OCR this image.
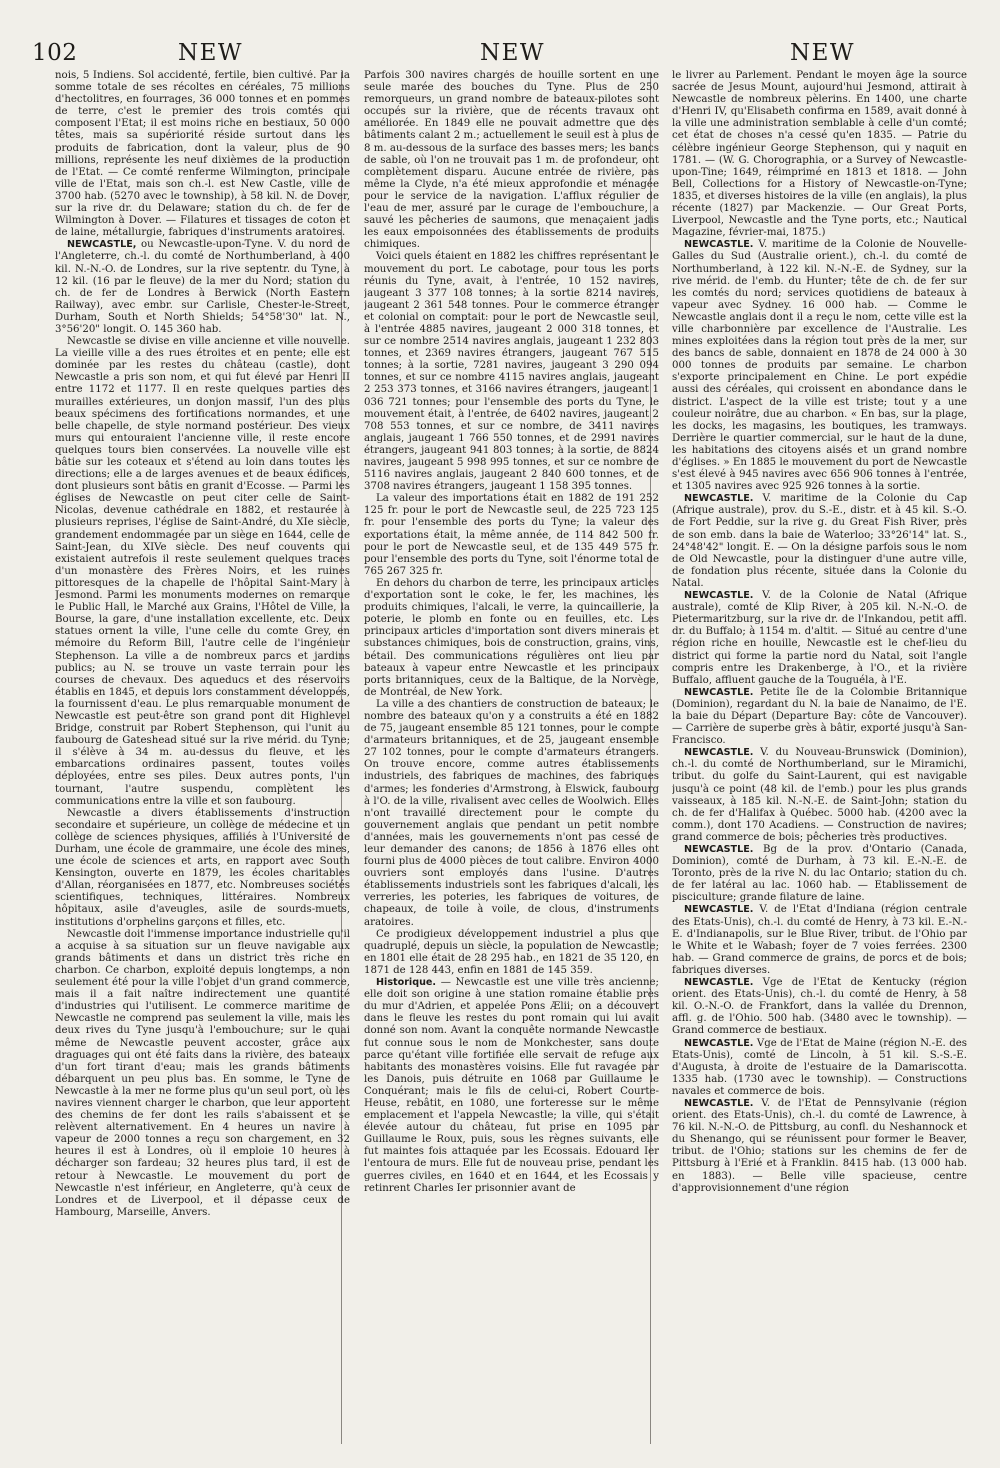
102	NEW	NEW	NEW

nois, 5 Indiens. Sol accidenté, fertile, bien cultivé. Par la somme totale de ses récoltes en céréales, 75 millions d'hectolitres, en fourrages, 36 000 tonnes et en pommes de terre, c'est le premier des trois comtés qui composent l'Etat; il est moins riche en bestiaux, 50 000 têtes, mais sa supériorité réside surtout dans les produits de fabrication, dont la valeur, plus de 90 millions, représente les neuf dixièmes de la production de l'Etat. — Ce comté renferme Wilmington, principale ville de l'Etat, mais son ch.-l. est New Castle, ville de 3700 hab. (5270 avec le township), à 58 kil. N. de Dover, sur la rive dr. du Delaware; station du ch. de fer de Wilmington à Dover. — Filatures et tissages de coton et de laine, métallurgie, fabriques d'instruments aratoires.

NEWCASTLE, ou Newcastle-upon-Tyne. V. du nord de l'Angleterre, ch.-l. du comté de Northumberland, à 400 kil. N.-N.-O. de Londres, sur la rive septentr. du Tyne, à 12 kil. (16 par le fleuve) de la mer du Nord; station du ch. de fer de Londres à Berwick (North Eastern Railway), avec embr. sur Carlisle, Chester-le-Street, Durham, South et North Shields; 54°58'30" lat. N., 3°56'20" longit. O. 145 360 hab.

Newcastle se divise en ville ancienne et ville nouvelle. La vieille ville a des rues étroites et en pente; elle est dominée par les restes du château (castle), dont Newcastle a pris son nom, et qui fut élevé par Henri II entre 1172 et 1177. Il en reste quelques parties des murailles extérieures, un donjon massif, l'un des plus beaux spécimens des fortifications normandes, et une belle chapelle, de style normand postérieur. Des vieux murs qui entouraient l'ancienne ville, il reste encore quelques tours bien conservées. La nouvelle ville est bâtie sur les coteaux et s'étend au loin dans toutes les directions; elle a de larges avenues et de beaux édifices, dont plusieurs sont bâtis en granit d'Ecosse. — Parmi les églises de Newcastle on peut citer celle de Saint-Nicolas, devenue cathédrale en 1882, et restaurée à plusieurs reprises, l'église de Saint-André, du XIe siècle, grandement endommagée par un siège en 1644, celle de Saint-Jean, du XIVe siècle. Des neuf couvents qui existaient autrefois il reste seulement quelques traces d'un monastère des Frères Noirs, et les ruines pittoresques de la chapelle de l'hôpital Saint-Mary à Jesmond. Parmi les monuments modernes on remarque le Public Hall, le Marché aux Grains, l'Hôtel de Ville, la Bourse, la gare, d'une installation excellente, etc. Deux statues ornent la ville, l'une celle du comte Grey, en mémoire du Reform Bill, l'autre celle de l'ingénieur Stephenson. La ville a de nombreux parcs et jardins publics; au N. se trouve un vaste terrain pour les courses de chevaux. Des aqueducs et des réservoirs établis en 1845, et depuis lors constamment développés, la fournissent d'eau. Le plus remarquable monument de Newcastle est peut-être son grand pont dit Highlevel Bridge, construit par Robert Stephenson, qui l'unit au faubourg de Gateshead situé sur la rive mérid. du Tyne; il s'élève à 34 m. au-dessus du fleuve, et les embarcations ordinaires passent, toutes voiles déployées, entre ses piles. Deux autres ponts, l'un tournant, l'autre suspendu, complètent les communications entre la ville et son faubourg.

Newcastle a divers établissements d'instruction secondaire et supérieure, un collège de médecine et un collège de sciences physiques, affiliés à l'Université de Durham, une école de grammaire, une école des mines, une école de sciences et arts, en rapport avec South Kensington, ouverte en 1879, les écoles charitables d'Allan, réorganisées en 1877, etc. Nombreuses sociétés scientifiques, techniques, littéraires. Nombreux hôpitaux, asile d'aveugles, asile de sourds-muets, institutions d'orphelins garçons et filles, etc.

Newcastle doit l'immense importance industrielle qu'il a acquise à sa situation sur un fleuve navigable aux grands bâtiments et dans un district très riche en charbon. Ce charbon, exploité depuis longtemps, a non seulement été pour la ville l'objet d'un grand commerce, mais il a fait naître indirectement une quantité d'industries qui l'utilisent. Le commerce maritime de Newcastle ne comprend pas seulement la ville, mais les deux rives du Tyne jusqu'à l'embouchure; sur le quai même de Newcastle peuvent accoster, grâce aux draguages qui ont été faits dans la rivière, des bateaux d'un fort tirant d'eau; mais les grands bâtiments débarquent un peu plus bas. En somme, le Tyne de Newcastle à la mer ne forme plus qu'un seul port, où les navires viennent charger le charbon, que leur apportent des chemins de fer dont les rails s'abaissent et se relèvent alternativement. En 4 heures un navire à vapeur de 2000 tonnes a reçu son chargement, en 32 heures il est à Londres, où il emploie 10 heures à décharger son fardeau; 32 heures plus tard, il est de retour à Newcastle. Le mouvement du port de Newcastle n'est inférieur, en Angleterre, qu'à ceux de Londres et de Liverpool, et il dépasse ceux de Hambourg, Marseille, Anvers.

Parfois 300 navires chargés de houille sortent en une seule marée des bouches du Tyne. Plus de 250 remorqueurs, un grand nombre de bateaux-pilotes sont occupés sur la rivière, que de récents travaux ont améliorée. En 1849 elle ne pouvait admettre que des bâtiments calant 2 m.; actuellement le seuil est à plus de 8 m. au-dessous de la surface des basses mers; les bancs de sable, où l'on ne trouvait pas 1 m. de profondeur, ont complètement disparu. Aucune entrée de rivière, pas même la Clyde, n'a été mieux approfondie et ménagée pour le service de la navigation. L'afflux régulier de l'eau de mer, assuré par le curage de l'embouchure, a sauvé les pêcheries de saumons, que menaçaient jadis les eaux empoisonnées des établissements de produits chimiques.

Voici quels étaient en 1882 les chiffres représentant le mouvement du port. Le cabotage, pour tous les ports réunis du Tyne, avait, à l'entrée, 10 152 navires, jaugeant 3 377 108 tonnes; à la sortie 8214 navires, jaugeant 2 361 548 tonnes. Pour le commerce étranger et colonial on comptait: pour le port de Newcastle seul, à l'entrée 4885 navires, jaugeant 2 000 318 tonnes, et sur ce nombre 2514 navires anglais, jaugeant 1 232 803 tonnes, et 2369 navires étrangers, jaugeant 767 515 tonnes; à la sortie, 7281 navires, jaugeant 3 290 094 tonnes, et sur ce nombre 4115 navires anglais, jaugeant 2 253 373 tonnes, et 3166 navires étrangers, jaugeant 1 036 721 tonnes; pour l'ensemble des ports du Tyne, le mouvement était, à l'entrée, de 6402 navires, jaugeant 2 708 553 tonnes, et sur ce nombre, de 3411 navires anglais, jaugeant 1 766 550 tonnes, et de 2991 navires étrangers, jaugeant 941 803 tonnes; à la sortie, de 8824 navires, jaugeant 5 998 995 tonnes, et sur ce nombre de 5116 navires anglais, jaugeant 2 840 600 tonnes, et de 3708 navires étrangers, jaugeant 1 158 395 tonnes.

La valeur des importations était en 1882 de 191 252 125 fr. pour le port de Newcastle seul, de 225 723 125 fr. pour l'ensemble des ports du Tyne; la valeur des exportations était, la même année, de 114 842 500 fr. pour le port de Newcastle seul, et de 135 449 575 fr. pour l'ensemble des ports du Tyne, soit l'énorme total de 765 267 325 fr.

En dehors du charbon de terre, les principaux articles d'exportation sont le coke, le fer, les machines, les produits chimiques, l'alcali, le verre, la quincaillerie, la poterie, le plomb en fonte ou en feuilles, etc. Les principaux articles d'importation sont divers minerais et substances chimiques, bois de construction, grains, vins, bétail. Des communications régulières ont lieu par bateaux à vapeur entre Newcastle et les principaux ports britanniques, ceux de la Baltique, de la Norvège, de Montréal, de New York.

La ville a des chantiers de construction de bateaux; le nombre des bateaux qu'on y a construits a été en 1882 de 75, jaugeant ensemble 85 121 tonnes, pour le compte d'armateurs britanniques, et de 25, jaugeant ensemble 27 102 tonnes, pour le compte d'armateurs étrangers. On trouve encore, comme autres établissements industriels, des fabriques de machines, des fabriques d'armes; les fonderies d'Armstrong, à Elswick, faubourg à l'O. de la ville, rivalisent avec celles de Woolwich. Elles n'ont travaillé directement pour le compte du gouvernement anglais que pendant un petit nombre d'années, mais les gouvernements n'ont pas cessé de leur demander des canons; de 1856 à 1876 elles ont fourni plus de 4000 pièces de tout calibre. Environ 4000 ouvriers sont employés dans l'usine. D'autres établissements industriels sont les fabriques d'alcali, les verreries, les poteries, les fabriques de voitures, de chapeaux, de toile à voile, de clous, d'instruments aratoires.

Ce prodigieux développement industriel a plus que quadruplé, depuis un siècle, la population de Newcastle; en 1801 elle était de 28 295 hab., en 1821 de 35 120, en 1871 de 128 443, enfin en 1881 de 145 359.

Historique. — Newcastle est une ville très ancienne; elle doit son origine à une station romaine établie près du mur d'Adrien, et appelée Pons Ælii; on a découvert dans le fleuve les restes du pont romain qui lui avait donné son nom. Avant la conquête normande Newcastle fut connue sous le nom de Monkchester, sans doute parce qu'étant ville fortifiée elle servait de refuge aux habitants des monastères voisins. Elle fut ravagée par les Danois, puis détruite en 1068 par Guillaume le Conquérant; mais le fils de celui-ci, Robert Courte-Heuse, rebâtit, en 1080, une forteresse sur le même emplacement et l'appela Newcastle; la ville, qui s'était élevée autour du château, fut prise en 1095 par Guillaume le Roux, puis, sous les règnes suivants, elle fut maintes fois attaquée par les Ecossais. Edouard Ier l'entoura de murs. Elle fut de nouveau prise, pendant les guerres civiles, en 1640 et en 1644, et les Ecossais y retinrent Charles Ier prisonnier avant de

le livrer au Parlement. Pendant le moyen âge la source sacrée de Jesus Mount, aujourd'hui Jesmond, attirait à Newcastle de nombreux pèlerins. En 1400, une charte d'Henri IV, qu'Elisabeth confirma en 1589, avait donné à la ville une administration semblable à celle d'un comté; cet état de choses n'a cessé qu'en 1835. — Patrie du célèbre ingénieur George Stephenson, qui y naquit en 1781. — (W. G. Chorographia, or a Survey of Newcastle-upon-Tine; 1649, réimprimé en 1813 et 1818. — John Bell, Collections for a History of Newcastle-on-Tyne; 1835, et diverses histoires de la ville (en anglais), la plus récente (1827) par Mackenzie. — Our Great Ports, Liverpool, Newcastle and the Tyne ports, etc.; Nautical Magazine, février-mai, 1875.)

NEWCASTLE. V. maritime de la Colonie de Nouvelle-Galles du Sud (Australie orient.), ch.-l. du comté de Northumberland, à 122 kil. N.-N.-E. de Sydney, sur la rive mérid. de l'emb. du Hunter; tête de ch. de fer sur les comtés du nord; services quotidiens de bateaux à vapeur avec Sydney. 16 000 hab. — Comme le Newcastle anglais dont il a reçu le nom, cette ville est la ville charbonnière par excellence de l'Australie. Les mines exploitées dans la région tout près de la mer, sur des bancs de sable, donnaient en 1878 de 24 000 à 30 000 tonnes de produits par semaine. Le charbon s'exporte principalement en Chine. Le port expédie aussi des céréales, qui croissent en abondance dans le district. L'aspect de la ville est triste; tout y a une couleur noirâtre, due au charbon. « En bas, sur la plage, les docks, les magasins, les boutiques, les tramways. Derrière le quartier commercial, sur le haut de la dune, les habitations des citoyens aisés et un grand nombre d'églises. » En 1885 le mouvement du port de Newcastle s'est élevé à 945 navires avec 656 906 tonnes à l'entrée, et 1305 navires avec 925 926 tonnes à la sortie.

NEWCASTLE. V. maritime de la Colonie du Cap (Afrique australe), prov. du S.-E., distr. et à 45 kil. S.-O. de Fort Peddie, sur la rive g. du Great Fish River, près de son emb. dans la baie de Waterloo; 33°26'14" lat. S., 24°48'42" longit. E. — On la désigne parfois sous le nom de Old Newcastle, pour la distinguer d'une autre ville, de fondation plus récente, située dans la Colonie du Natal.

NEWCASTLE. V. de la Colonie de Natal (Afrique australe), comté de Klip River, à 205 kil. N.-N.-O. de Pietermaritzburg, sur la rive dr. de l'Inkandou, petit affl. dr. du Buffalo; à 1154 m. d'altit. — Situé au centre d'une région riche en houille, Newcastle est le chef-lieu du district qui forme la partie nord du Natal, soit l'angle compris entre les Drakenberge, à l'O., et la rivière Buffalo, affluent gauche de la Touguéla, à l'E.

NEWCASTLE. Petite île de la Colombie Britannique (Dominion), regardant du N. la baie de Nanaimo, de l'E. la baie du Départ (Departure Bay: côte de Vancouver). — Carrière de superbe grès à bâtir, exporté jusqu'à San-Francisco.

NEWCASTLE. V. du Nouveau-Brunswick (Dominion), ch.-l. du comté de Northumberland, sur le Miramichi, tribut. du golfe du Saint-Laurent, qui est navigable jusqu'à ce point (48 kil. de l'emb.) pour les plus grands vaisseaux, à 185 kil. N.-N.-E. de Saint-John; station du ch. de fer d'Halifax à Québec. 5000 hab. (4200 avec la comm.), dont 170 Acadiens. — Construction de navires; grand commerce de bois; pêcheries très productives.

NEWCASTLE. Bg de la prov. d'Ontario (Canada, Dominion), comté de Durham, à 73 kil. E.-N.-E. de Toronto, près de la rive N. du lac Ontario; station du ch. de fer latéral au lac. 1060 hab. — Etablissement de pisciculture; grande filature de laine.

NEWCASTLE. V. de l'Etat d'Indiana (région centrale des Etats-Unis), ch.-l. du comté de Henry, à 73 kil. E.-N.-E. d'Indianapolis, sur le Blue River, tribut. de l'Ohio par le White et le Wabash; foyer de 7 voies ferrées. 2300 hab. — Grand commerce de grains, de porcs et de bois; fabriques diverses.

NEWCASTLE. Vge de l'Etat de Kentucky (région orient. des Etats-Unis), ch.-l. du comté de Henry, à 58 kil. O.-N.-O. de Frankfort, dans la vallée du Drennon, affl. g. de l'Ohio. 500 hab. (3480 avec le township). — Grand commerce de bestiaux.

NEWCASTLE. Vge de l'Etat de Maine (région N.-E. des Etats-Unis), comté de Lincoln, à 51 kil. S.-S.-E. d'Augusta, à droite de l'estuaire de la Damariscotta. 1335 hab. (1730 avec le township). — Constructions navales et commerce de bois.

NEWCASTLE. V. de l'Etat de Pennsylvanie (région orient. des Etats-Unis), ch.-l. du comté de Lawrence, à 76 kil. N.-N.-O. de Pittsburg, au confl. du Neshannock et du Shenango, qui se réunissent pour former le Beaver, tribut. de l'Ohio; stations sur les chemins de fer de Pittsburg à l'Erié et à Franklin. 8415 hab. (13 000 hab. en 1883). — Belle ville spacieuse, centre d'approvisionnement d'une région
